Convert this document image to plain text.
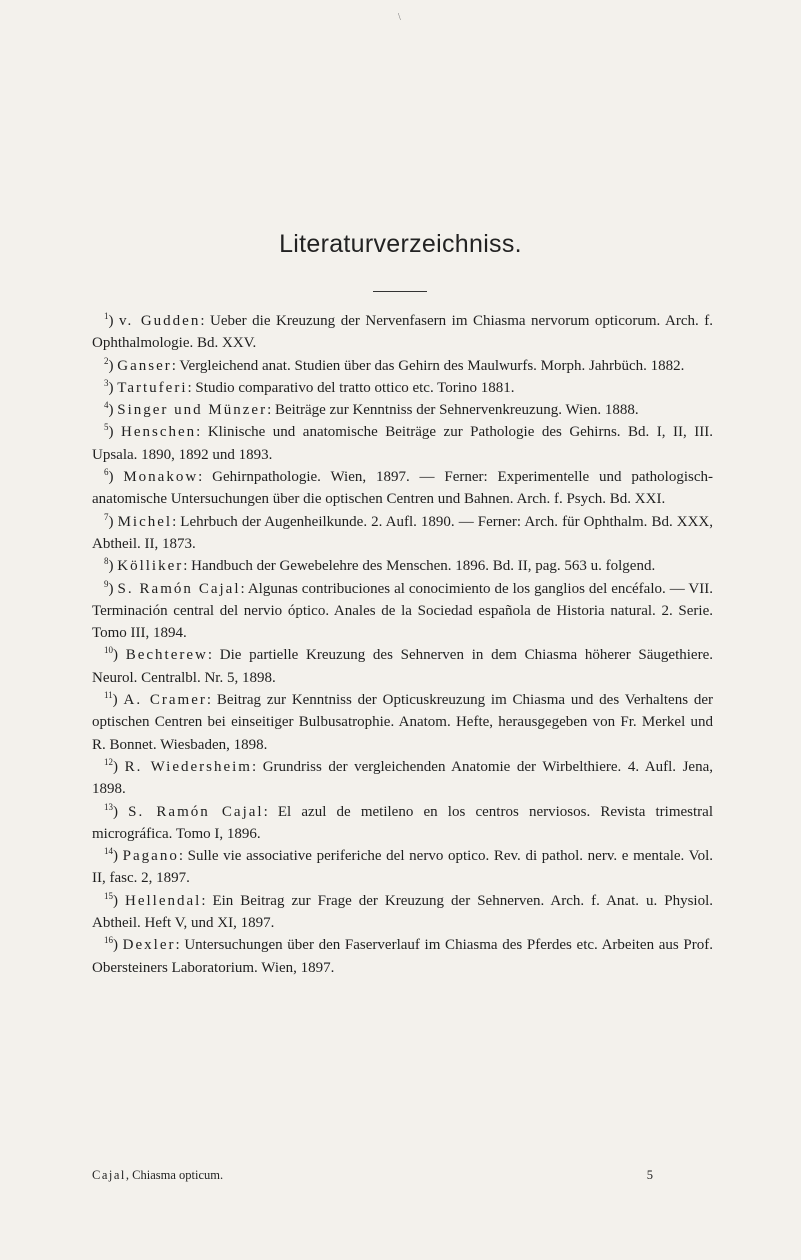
\
Literaturverzeichniss.

$^1$) v. Gudden: Ueber die Kreuzung der Nervenfasern im Chiasma nervorum opticorum. Arch. f. Ophthalmologie. Bd. XXV.

$^2$) Ganser: Vergleichend anat. Studien über das Gehirn des Maulwurfs. Morph. Jahrbüch. 1882.

$^3$) Tartuferi: Studio comparativo del tratto ottico etc. Torino 1881.

$^4$) Singer und Münzer: Beiträge zur Kenntniss der Sehnervenkreuzung. Wien. 1888.

$^5$) Henschen: Klinische und anatomische Beiträge zur Pathologie des Gehirns. Bd. I, II, III. Upsala. 1890, 1892 und 1893.

$^6$) Monakow: Gehirnpathologie. Wien, 1897. — Ferner: Experimentelle und pathologisch-anatomische Untersuchungen über die optischen Centren und Bahnen. Arch. f. Psych. Bd. XXI.

$^7$) Michel: Lehrbuch der Augenheilkunde. 2. Aufl. 1890. — Ferner: Arch. für Ophthalm. Bd. XXX, Abtheil. II, 1873.

$^8$) Kölliker: Handbuch der Gewebelehre des Menschen. 1896. Bd. II, pag. 563 u. folgend.

$^9$) S. Ramón Cajal: Algunas contribuciones al conocimiento de los ganglios del encéfalo. — VII. Terminación central del nervio óptico. Anales de la Sociedad española de Historia natural. 2. Serie. Tomo III, 1894.

$^{10}$) Bechterew: Die partielle Kreuzung des Sehnerven in dem Chiasma höherer Säugethiere. Neurol. Centralbl. Nr. 5, 1898.

$^{11}$) A. Cramer: Beitrag zur Kenntniss der Opticuskreuzung im Chiasma und des Verhaltens der optischen Centren bei einseitiger Bulbusatrophie. Anatom. Hefte, herausgegeben von Fr. Merkel und R. Bonnet. Wiesbaden, 1898.

$^{12}$) R. Wiedersheim: Grundriss der vergleichenden Anatomie der Wirbelthiere. 4. Aufl. Jena, 1898.

$^{13}$) S. Ramón Cajal: El azul de metileno en los centros nerviosos. Revista trimestral micrográfica. Tomo I, 1896.

$^{14}$) Pagano: Sulle vie associative periferiche del nervo optico. Rev. di pathol. nerv. e mentale. Vol. II, fasc. 2, 1897.

$^{15}$) Hellendal: Ein Beitrag zur Frage der Kreuzung der Sehnerven. Arch. f. Anat. u. Physiol. Abtheil. Heft V, und XI, 1897.

$^{16}$) Dexler: Untersuchungen über den Faserverlauf im Chiasma des Pferdes etc. Arbeiten aus Prof. Obersteiners Laboratorium. Wien, 1897.

Cajal, Chiasma opticum.	5
